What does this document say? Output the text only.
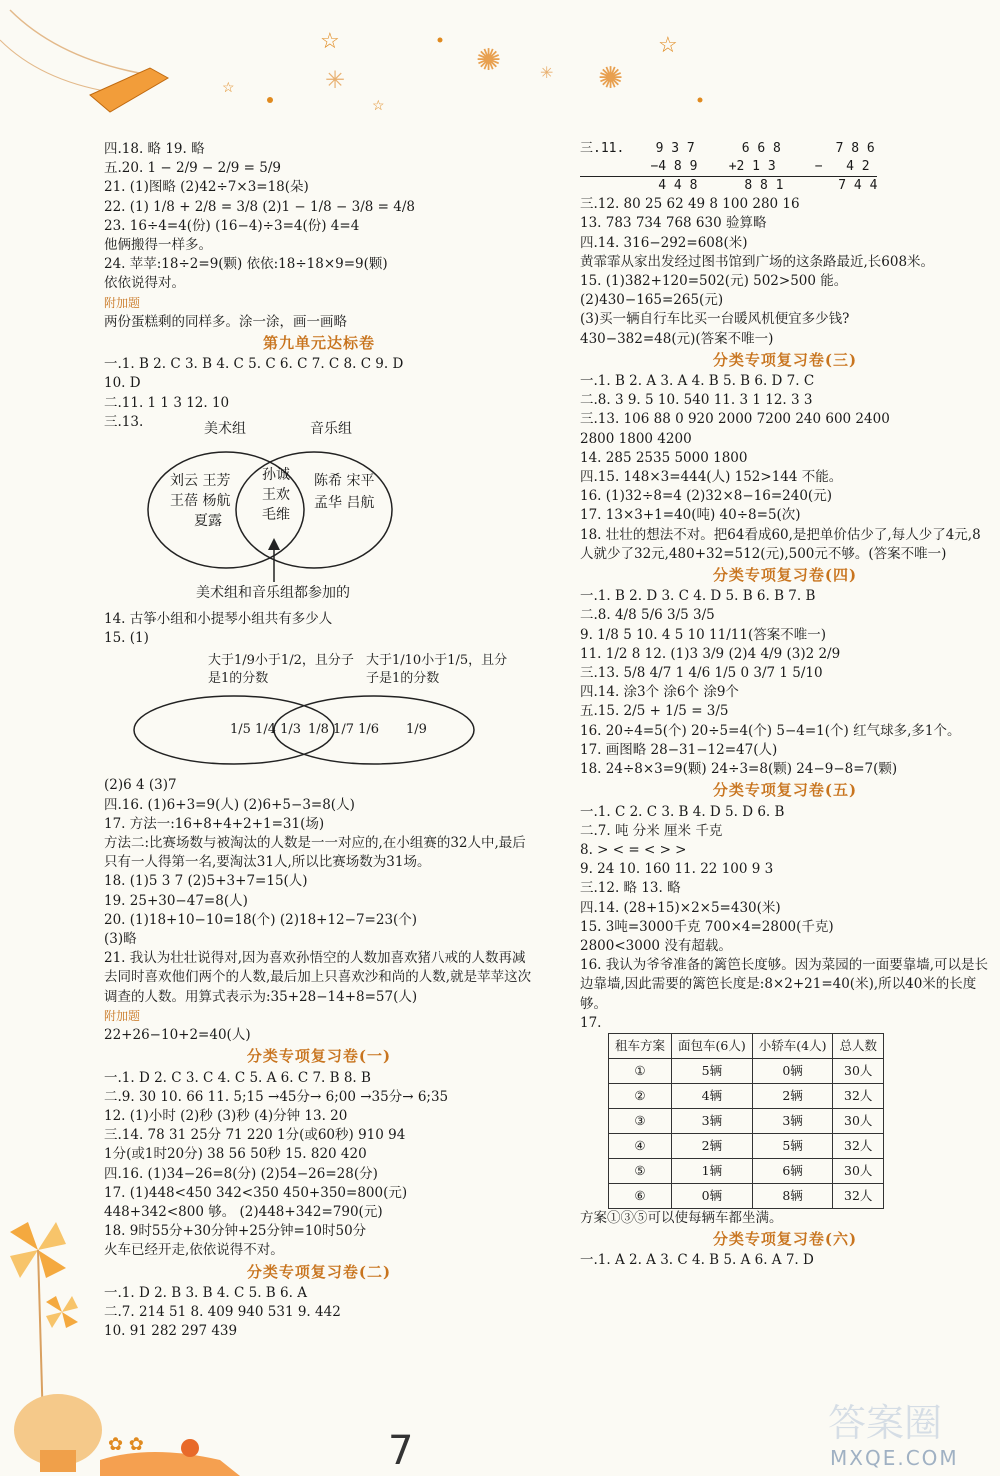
☆	☆
☆
☆
✺
✺
✳	✳
✿ ✿	答案圈
MXQE.COM
7

四.18. 略 19. 略

五.20. 1 − 2/9 − 2/9 = 5/9

21. (1)图略 (2)42÷7×3=18(朵)

22. (1) 1/8 + 2/8 = 3/8 (2)1 − 1/8 − 3/8 = 4/8

23. 16÷4=4(份) (16−4)÷3=4(份) 4=4

他俩搬得一样多。

24. 苹苹:18÷2=9(颗) 依依:18÷18×9=9(颗)

依依说得对。

附加题

两份蛋糕剩的同样多。涂一涂，画一画略

第九单元达标卷

一.1. B 2. C 3. B 4. C 5. C 6. C 7. C 8. C 9. D

10. D

二.11. 1 1 3 12. 10

三.13.	美术组	音乐组
刘云 王芳
王蓓 杨航
夏露
孙诚
王欢
毛维
陈希 宋平
孟华 吕航
美术组和音乐组都参加的

14. 古筝小组和小提琴小组共有多少人

15. (1)

大于1/9小于1/2，且分子是1的分数
大于1/10小于1/5，且分子是1的分数
1/5 1/4 1/3 1/8 1/7 1/6 1/9

(2)6 4 (3)7

四.16. (1)6+3=9(人) (2)6+5−3=8(人)

17. 方法一:16+8+4+2+1=31(场)

方法二:比赛场数与被淘汰的人数是一一对应的,在小组赛的32人中,最后只有一人得第一名,要淘汰31人,所以比赛场数为31场。

18. (1)5 3 7 (2)5+3+7=15(人)

19. 25+30−47=8(人)

20. (1)18+10−10=18(个) (2)18+12−7=23(个)

(3)略

21. 我认为壮壮说得对,因为喜欢孙悟空的人数加喜欢猪八戒的人数再减去同时喜欢他们两个的人数,最后加上只喜欢沙和尚的人数,就是苹苹这次调查的人数。用算式表示为:35+28−14+8=57(人)

附加题

22+26−10+2=40(人)

分类专项复习卷(一)

一.1. D 2. C 3. C 4. C 5. A 6. C 7. B 8. B

二.9. 30 10. 66 11. 5;15 →45分→ 6;00 →35分→ 6;35

12. (1)小时 (2)秒 (3)秒 (4)分钟 13. 20

三.14. 78 31 25分 71 220 1分(或60秒) 910 94

1分(或1时20分) 38 56 50秒 15. 820 420

四.16. (1)34−26=8(分) (2)54−26=28(分)

17. (1)448<450 342<350 450+350=800(元)

448+342<800 够。 (2)448+342=790(元)

18. 9时55分+30分钟+25分钟=10时50分

火车已经开走,依依说得不对。

分类专项复习卷(二)

一.1. D 2. B 3. B 4. C 5. B 6. A

二.7. 214 51 8. 409 940 531 9. 442

10. 91 282 297 439

三.11.    9 3 7      6 6 8       7 8 6

−4 8 9    +2 1 3     −   4 2

4 4 8      8 8 1       7 4 4

三.12. 80 25 62 49 8 100 280 16

13. 783 734 768 630 验算略

四.14. 316−292=608(米)

黄霏霏从家出发经过图书馆到广场的这条路最近,长608米。

15. (1)382+120=502(元) 502>500 能。

(2)430−165=265(元)

(3)买一辆自行车比买一台暖风机便宜多少钱?

430−382=48(元)(答案不唯一)

分类专项复习卷(三)

一.1. B 2. A 3. A 4. B 5. B 6. D 7. C

二.8. 3 9. 5 10. 540 11. 3 1 12. 3 3

三.13. 106 88 0 920 2000 7200 240 600 2400

2800 1800 4200

14. 285 2535 5000 1800

四.15. 148×3=444(人) 152>144 不能。

16. (1)32÷8=4 (2)32×8−16=240(元)

17. 13×3+1=40(吨) 40÷8=5(次)

18. 壮壮的想法不对。把64看成60,是把单价估少了,每人少了4元,8人就少了32元,480+32=512(元),500元不够。(答案不唯一)

分类专项复习卷(四)

一.1. B 2. D 3. C 4. D 5. B 6. B 7. B

二.8. 4/8 5/6 3/5 3/5

9. 1/8 5 10. 4 5 10 11/11(答案不唯一)

11. 1/2 8 12. (1)3 3/9 (2)4 4/9 (3)2 2/9

三.13. 5/8 4/7 1 4/6 1/5 0 3/7 1 5/10

四.14. 涂3个 涂6个 涂9个

五.15. 2/5 + 1/5 = 3/5

16. 20÷4=5(个) 20÷5=4(个) 5−4=1(个) 红气球多,多1个。

17. 画图略 28−31−12=47(人)

18. 24÷8×3=9(颗) 24÷3=8(颗) 24−9−8=7(颗)

分类专项复习卷(五)

一.1. C 2. C 3. B 4. D 5. D 6. B

二.7. 吨 分米 厘米 千克

8. > < = < > >

9. 24 10. 160 11. 22 100 9 3

三.12. 略 13. 略

四.14. (28+15)×2×5=430(米)

15. 3吨=3000千克 700×4=2800(千克)

2800<3000 没有超载。

16. 我认为爷爷准备的篱笆长度够。因为菜园的一面要靠墙,可以是长边靠墙,因此需要的篱笆长度是:8×2+21=40(米),所以40米的长度够。

17.

租车方案	面包车(6人)	小轿车(4人)	总人数
①	5辆	0辆	30人
②	4辆	2辆	32人
③	3辆	3辆	30人
④	2辆	5辆	32人
⑤	1辆	6辆	30人
⑥	0辆	8辆	32人

方案①③⑤可以使每辆车都坐满。

分类专项复习卷(六)

一.1. A 2. A 3. C 4. B 5. A 6. A 7. D
